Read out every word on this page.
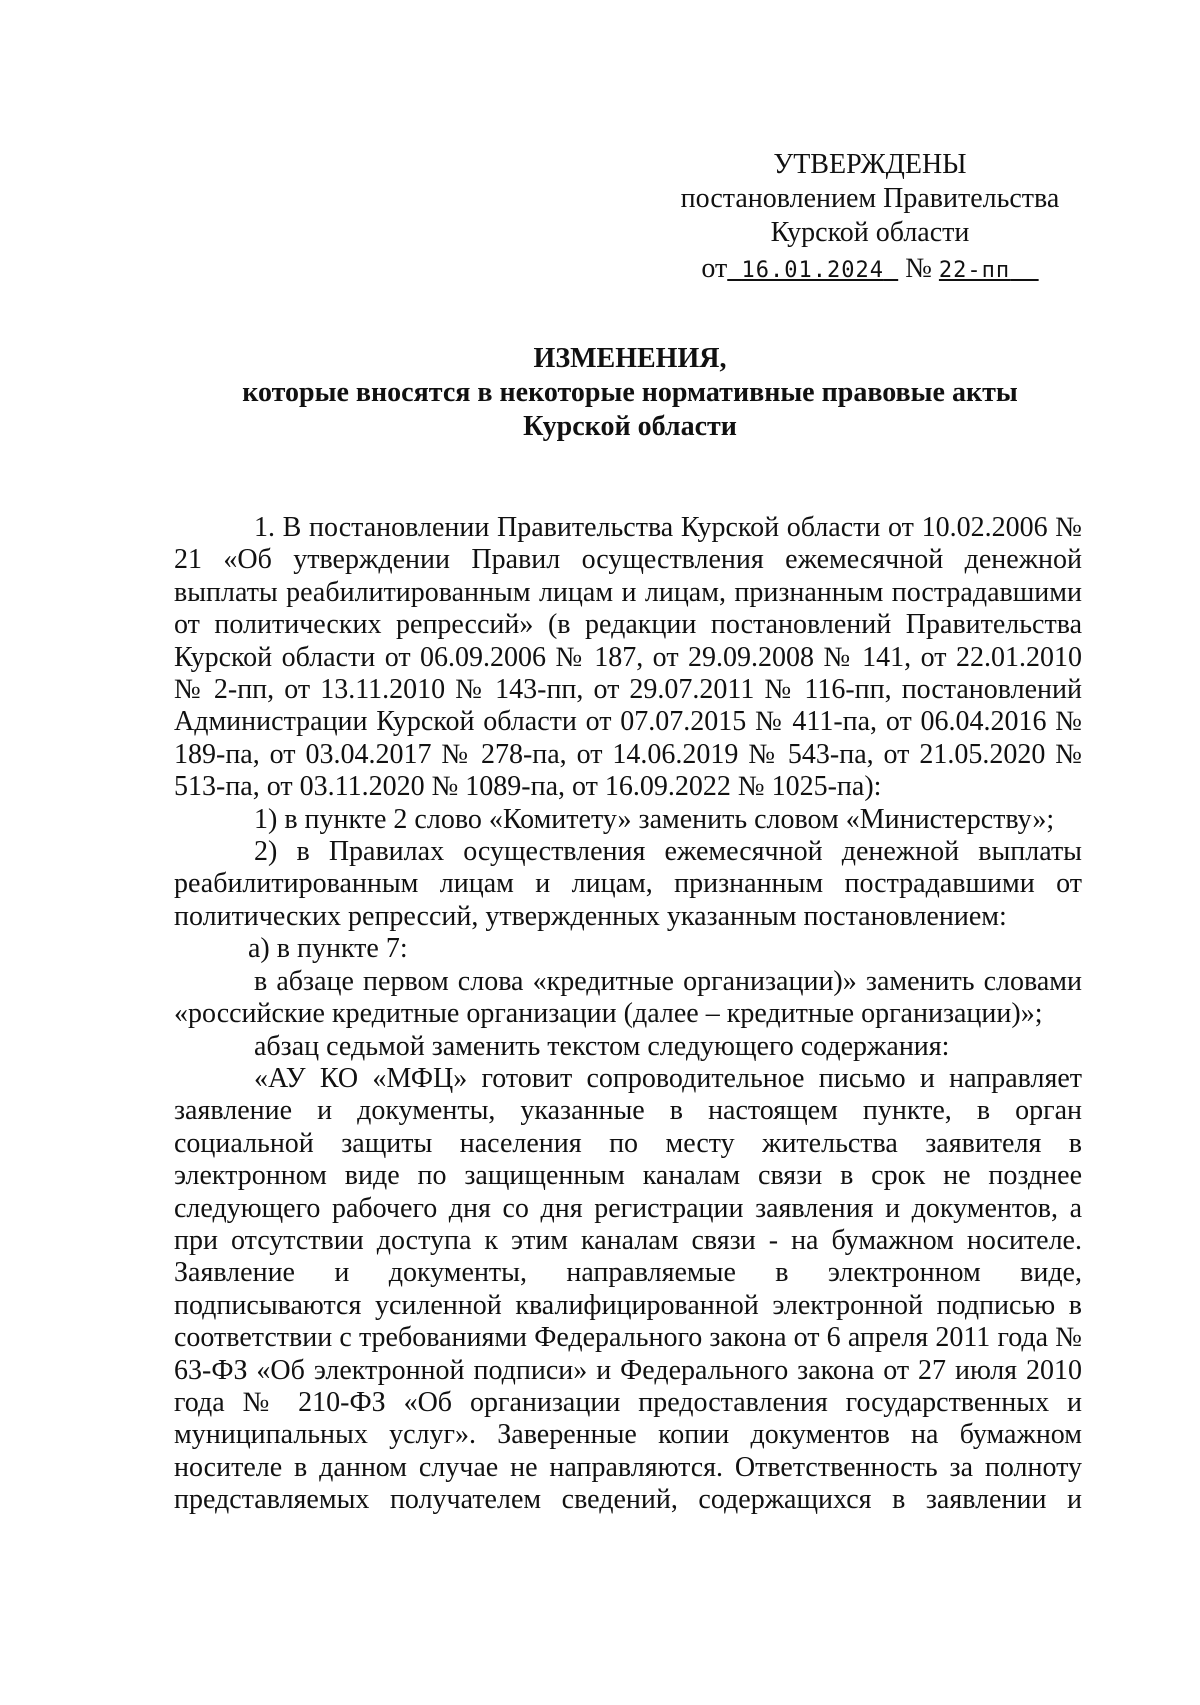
УТВЕРЖДЕНЫ
постановлением Правительства
Курской области
от 16.01.2024 № 22-пп
ИЗМЕНЕНИЯ,
которые вносятся в некоторые нормативные правовые акты
Курской области

1. В постановлении Правительства Курской области от 10.02.2006 № 21 «Об утверждении Правил осуществления ежемесячной денежной выплаты реабилитированным лицам и лицам, признанным пострадавшими от политических репрессий» (в редакции постановлений Правительства Курской области от 06.09.2006 № 187, от 29.09.2008 № 141, от 22.01.2010 № 2-пп, от 13.11.2010 № 143-пп, от 29.07.2011 № 116-пп, постановлений Администрации Курской области от 07.07.2015 № 411-па, от 06.04.2016 № 189-па, от 03.04.2017 № 278-па, от 14.06.2019 № 543-па, от 21.05.2020 № 513-па, от 03.11.2020 № 1089-па, от 16.09.2022 № 1025-па):

1) в пункте 2 слово «Комитету» заменить словом «Министерству»;

2) в Правилах осуществления ежемесячной денежной выплаты реабилитированным лицам и лицам, признанным пострадавшими от политических репрессий, утвержденных указанным постановлением:

а) в пункте 7:

в абзаце первом слова «кредитные организации)» заменить словами «российские кредитные организации (далее – кредитные организации)»;

абзац седьмой заменить текстом следующего содержания:

«АУ КО «МФЦ» готовит сопроводительное письмо и направляет заявление и документы, указанные в настоящем пункте, в орган социальной защиты населения по месту жительства заявителя в электронном виде по защищенным каналам связи в срок не позднее следующего рабочего дня со дня регистрации заявления и документов, а при отсутствии доступа к этим каналам связи - на бумажном носителе. Заявление и документы, направляемые в электронном виде, подписываются усиленной квалифицированной электронной подписью в соответствии с требованиями Федерального закона от 6 апреля 2011 года № 63-ФЗ «Об электронной подписи» и Федерального закона от 27 июля 2010 года № 210-ФЗ «Об организации предоставления государственных и муниципальных услуг». Заверенные копии документов на бумажном носителе в данном случае не направляются. Ответственность за полноту представляемых получателем сведений, содержащихся в заявлении и
